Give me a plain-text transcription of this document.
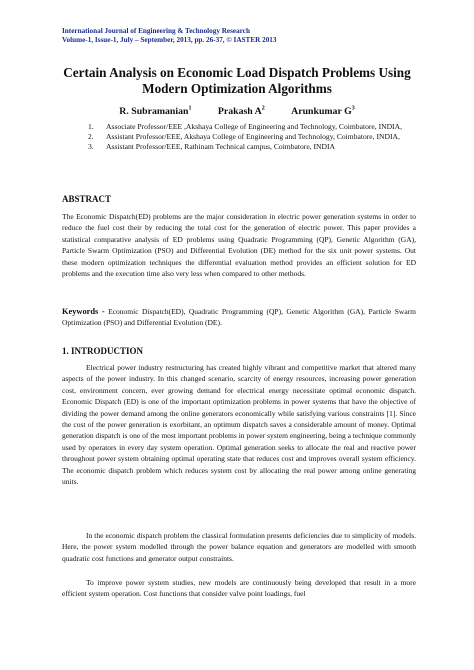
International Journal of Engineering & Technology Research
Volume-1, Issue-1, July – September, 2013, pp. 26-37, © IASTER 2013
Certain Analysis on Economic Load Dispatch Problems Using
Modern Optimization Algorithms
R. Subramanian$^1$	Prakash $A^2$	Arunkumar $G^3$
1.	Associate Professor/EEE ,Akshaya College of Engineering and Technology, Coimbatore, INDIA,
2.	Assistant Professor/EEE, Akshaya College of Engineering and Technology, Coimbatore, INDIA,
3.	Assistant Professor/EEE, Rathinam Technical campus, Coimbatore, INDIA
ABSTRACT
The Economic Dispatch(ED) problems are the major consideration in electric power generation systems in order to reduce the fuel cost their by reducing the total cost for the generation of electric power. This paper provides a statistical comparative analysis of ED problems using Quadratic Programming (QP), Genetic Algorithm (GA), Particle Swarm Optimization (PSO) and Differential Evolution (DE) method for the six unit power systems. Out these modern optimization techniques the differential evaluation method provides an efficient solution for ED problems and the execution time also very less when compared to other methods.
Keywords - Economic Dispatch(ED), Quadratic Programming (QP), Genetic Algorithm (GA), Particle Swarm Optimization (PSO) and Differential Evolution (DE).
1. INTRODUCTION
Electrical power industry restructuring has created highly vibrant and competitive market that altered many aspects of the power industry. In this changed scenario, scarcity of energy resources, increasing power generation cost, environment concern, ever growing demand for electrical energy necessitate optimal economic dispatch. Economic Dispatch (ED) is one of the important optimization problems in power systems that have the objective of dividing the power demand among the online generators economically while satisfying various constraints [1]. Since the cost of the power generation is exorbitant, an optimum dispatch saves a considerable amount of money. Optimal generation dispatch is one of the most important problems in power system engineering, being a technique commonly used by operators in every day system operation. Optimal generation seeks to allocate the real and reactive power throughout power system obtaining optimal operating state that reduces cost and improves overall system efficiency. The economic dispatch problem which reduces system cost by allocating the real power among online generating units.
In the economic dispatch problem the classical formulation presents deficiencies due to simplicity of models. Here, the power system modelled through the power balance equation and generators are modelled with smooth quadratic cost functions and generator output constraints.
To improve power system studies, new models are continuously being developed that result in a more efficient system operation. Cost functions that consider valve point loadings, fuel
